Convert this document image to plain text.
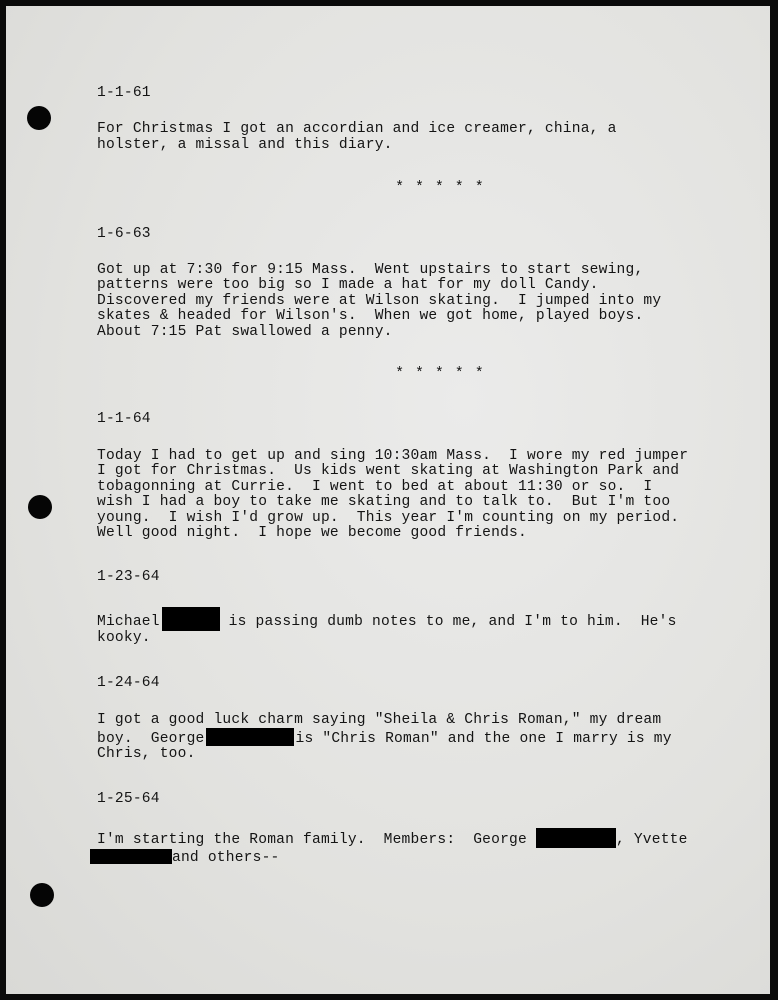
1-1-61

For Christmas I got an accordian and ice creamer, china, a

holster, a missal and this diary.

* * * * *

1-6-63

Got up at 7:30 for 9:15 Mass.  Went upstairs to start sewing,

patterns were too big so I made a hat for my doll Candy.

Discovered my friends were at Wilson skating.  I jumped into my

skates & headed for Wilson's.  When we got home, played boys.

About 7:15 Pat swallowed a penny.

* * * * *

1-1-64

Today I had to get up and sing 10:30am Mass.  I wore my red jumper

I got for Christmas.  Us kids went skating at Washington Park and

tobagonning at Currie.  I went to bed at about 11:30 or so.  I

wish I had a boy to take me skating and to talk to.  But I'm too

young.  I wish I'd grow up.  This year I'm counting on my period.

Well good night.  I hope we become good friends.

1-23-64

Michael	is passing dumb notes to me, and I'm to him.  He's

kooky.

1-24-64

I got a good luck charm saying "Sheila & Chris Roman," my dream

boy.  George	is "Chris Roman" and the one I marry is my

Chris, too.

1-25-64

I'm starting the Roman family.  Members:  George	, Yvette

and others--
